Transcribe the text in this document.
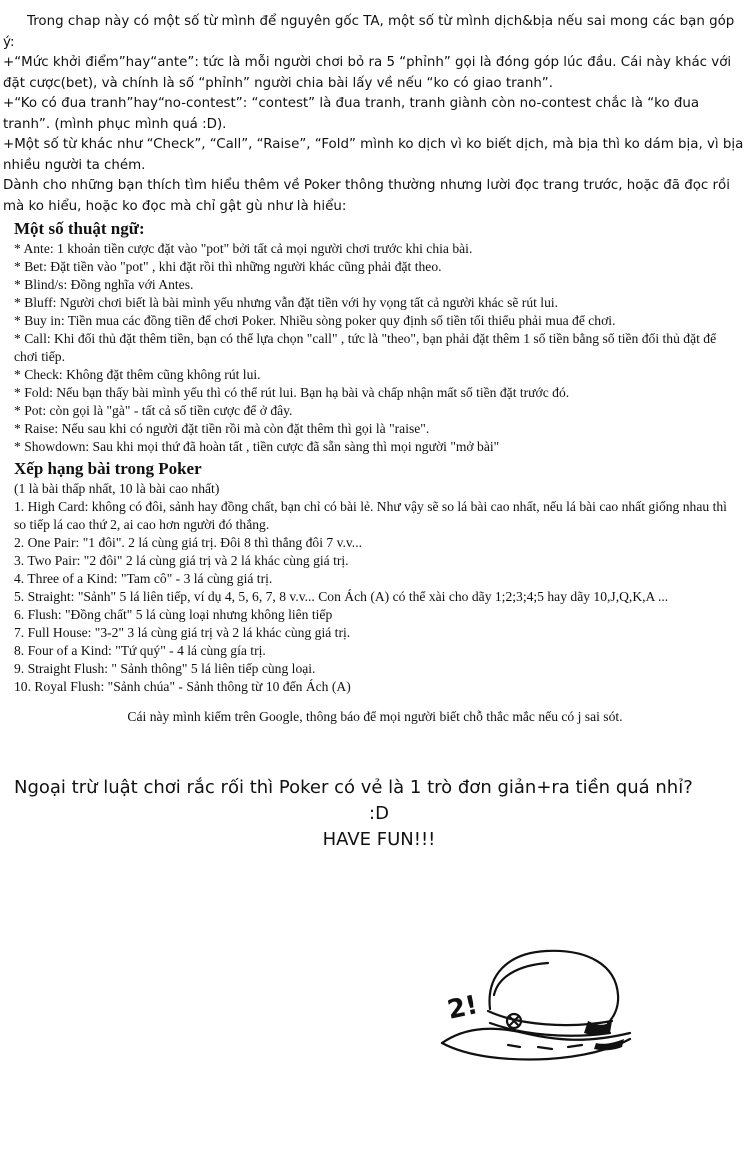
Trong chap này có một số từ mình để nguyên gốc TA, một số từ mình dịch&bịa nếu sai mong các bạn góp ý:

+“Mức khởi điểm”hay“ante”: tức là mỗi người chơi bỏ ra 5 “phỉnh” gọi là đóng góp lúc đầu. Cái này khác với đặt cược(bet), và chính là số “phỉnh” người chia bài lấy về nếu “ko có giao tranh”.

+“Ko có đua tranh”hay“no-contest”: “contest” là đua tranh, tranh giành còn no-contest chắc là “ko đua tranh”. (mình phục mình quá :D).

+Một số từ khác như “Check”, “Call”, “Raise”, “Fold” mình ko dịch vì ko biết dịch, mà bịa thì ko dám bịa, vì bịa nhiều người ta chém.

Dành cho những bạn thích tìm hiểu thêm về Poker thông thường nhưng lười đọc trang trước, hoặc đã đọc rồi mà ko hiểu, hoặc ko đọc mà chỉ gật gù như là hiểu:

Một số thuật ngữ:

* Ante: 1 khoản tiền cược đặt vào "pot" bởi tất cả mọi người chơi trước khi chia bài.

* Bet: Đặt tiền vào "pot" , khi đặt rồi thì những người khác cũng phải đặt theo.

* Blind/s: Đồng nghĩa với Antes.

* Bluff: Người chơi biết là bài mình yếu nhưng vẫn đặt tiền với hy vọng tất cả người khác sẽ rút lui.

* Buy in: Tiền mua các đồng tiền để chơi Poker. Nhiều sòng poker quy định số tiền tối thiểu phải mua để chơi.

* Call: Khi đối thủ đặt thêm tiền, bạn có thể lựa chọn "call" , tức là "theo", bạn phải đặt thêm 1 số tiền bằng số tiền đối thủ đặt để chơi tiếp.

* Check: Không đặt thêm cũng không rút lui.

* Fold: Nếu bạn thấy bài mình yếu thì có thể rút lui. Bạn hạ bài và chấp nhận mất số tiền đặt trước đó.

* Pot: còn gọi là "gà" - tất cả số tiền cược để ở đây.

* Raise: Nếu sau khi có người đặt tiền rồi mà còn đặt thêm thì gọi là "raise".

* Showdown: Sau khi mọi thứ đã hoàn tất , tiền cược đã sẵn sàng thì mọi người "mở bài"

Xếp hạng bài trong Poker

(1 là bài thấp nhất, 10 là bài cao nhất)

1. High Card: không có đôi, sảnh hay đồng chất, bạn chỉ có bài lẻ. Như vậy sẽ so lá bài cao nhất, nếu lá bài cao nhất giống nhau thì so tiếp lá cao thứ 2, ai cao hơn người đó thắng.

2. One Pair: "1 đôi". 2 lá cùng giá trị. Đôi 8 thì thắng đôi 7 v.v...

3. Two Pair: "2 đôi" 2 lá cùng giá trị và 2 lá khác cùng giá trị.

4. Three of a Kind: "Tam cô" - 3 lá cùng giá trị.

5. Straight: "Sảnh" 5 lá liên tiếp, ví dụ 4, 5, 6, 7, 8 v.v... Con Ách (A) có thể xài cho dãy 1;2;3;4;5 hay dãy 10,J,Q,K,A ...

6. Flush: "Đồng chất" 5 lá cùng loại nhưng không liên tiếp

7. Full House: "3-2" 3 lá cùng giá trị và 2 lá khác cùng giá trị.

8. Four of a Kind: "Tứ quý" - 4 lá cùng gía trị.

9. Straight Flush: " Sảnh thông" 5 lá liên tiếp cùng loại.

10. Royal Flush: "Sảnh chúa" - Sảnh thông từ 10 đến Ách (A)

Cái này mình kiếm trên Google, thông báo để mọi người biết chỗ thắc mắc nếu có j sai sót.

Ngoại trừ luật chơi rắc rối thì Poker có vẻ là 1 trò đơn giản+ra tiền quá nhỉ?

:D

HAVE FUN!!!

2!
